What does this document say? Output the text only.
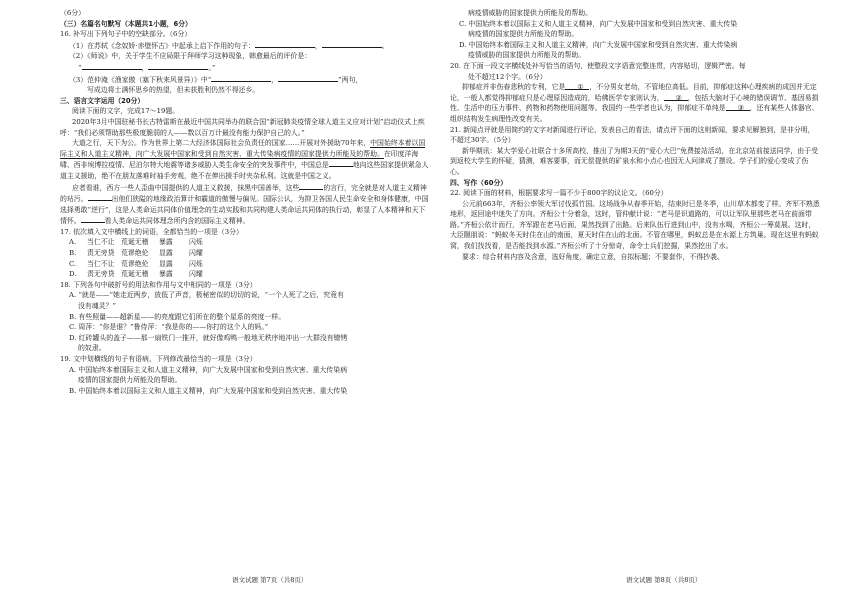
（6分）

（三）名篇名句默写（本题共1小题，6分）

16. 补写出下列句子中的空缺部分。（6分）

（1）在苏轼《念奴娇·赤壁怀古》中起承上启下作用的句子：	，	。

（2）《师说》中，关于学生不应局限于拜师学习这种现象，韩愈最后的评价是：

“	，	。”

（3）范仲淹《渔家傲（塞下秋来风景异）》中“	，	”两句，

写成边将士满怀思乡的热望，但未获胜利仍然不得还乡。

三、语言文字运用（20分）

阅读下面的文字，完成17～19题。

2020年3月中国驻秘书长古特雷斯在最近中国共同举办的联合国“新冠肺炎疫情全球人道主义应对计划”启动仪式上疾呼：“我们必须帮助那些极度脆弱的人——数以百万计最没有能力保护自己的人。”

大道之行，天下为公。作为世界上第二大经济体国际社会负责任的国家……开展对外援助70年来，中国始终本着以国际主义和人道主义精神，向广大发展中国家和受到自然灾害、重大传染病疫情的国家提供力所能及的帮助。在印度洋海啸、西非埃博拉疫情、尼泊尔特大地震等诸多威胁人类生命安全的突发事件中，中国总是	地向这些国家提供紧急人道主义援助，绝不在朋友落难时袖手旁观，绝不在伸出援手时夹杂私利。这就是中国之义。

应者看谁，西方一些人歪曲中国提供的人道主义救援，抹黑中国善举，这些	的言行，完全就是对人道主义精神的玷污。	出他们狭隘的地缘政治算计和霸道的傲慢与偏见。国际公认，为抑卫各国人民生命安全和身体健康，中国选择勇敢“逆行”，这是人类命运共同体价值理念的生动实践和共同构建人类命运共同体的执行动，彰显了人本精神和天下情怀。	看人类命运共同体理念所内含的国际主义精神。

17. 依次填入文中横线上的词语，全都恰当的一项是（3分）

A.	当仁不让 荒诞无稽	暴露	闪烁
B.	责无旁贷 荒谬绝伦	显露	闪耀
C.	当仁不让 荒谬绝伦	显露	闪烁
D.	责无旁贷 荒诞无稽	暴露	闪耀

18. 下列各句中破折号的用法和作用与文中相同的一项是（3分）

A. “就是——”她走近两步，放低了声音，极秘密似的切切的说，“一个人死了之后，究竟有

没有魂灵？”

B. 有些照量——超新星——的亮度跟它们所在的整个星系的亮度一样。

C. 周萍：“你是谁？”鲁侍萍：“我是你的——你打的这个人的妈。”

D. 红砖罐头的盖子——那一扇铁门一推开，就好像鸡鸭一般地无秩序地冲出一大群没有镣铐

的奴隶。

19. 文中划横线的句子有语病，下列修改最恰当的一项是（3分）

A. 中国始终本着国际主义和人道主义精神，向广大发展中国家和受到自然灾害、重大传染病

疫情的国家提供力所能及的帮助。

B. 中国始终本着以国际主义和人道主义精神，向广大发展中国家和受到自然灾害、重大传染

病疫情威胁的国家提供力所能及的帮助。

C. 中国始终本着以国际主义和人道主义精神，向广大发展中国家和受到自然灾害、重大传染

病疫情的国家提供力所能及的帮助。

D. 中国始终本着国际主义和人道主义精神，向广大发展中国家和受到自然灾害、重大传染病

疫情威胁的国家提供力所能及的帮助。

20. 在下面一段文字横线处补写恰当的语句，使整段文字语意完整连贯，内容贴切，逻辑严密。每

处不超过12个字。（6分）

抑郁症并非伤春悲秋的专利，它是 ① ，不分男女老幼，不管地位高低。目前，抑郁症这种心理疾病的成因并无定论，一般人都觉得抑郁症只是心理原因造成的，哈佛医学专家则认为， ② ，包括大脑对于心境的错误调节、基因易损性、生活中的压力事件、药物和药物使用问题等。我国约一些学者也认为，抑郁症不单纯是 ③ ，还有某些人体器官、组织结构发生病理性改变有关。

21. 新闻点评就是用简约的文字对新闻进行评论，发表自己的看法，请点评下面的这则新闻，要求见解独到，是非分明，不超过30字。（5分）

新华期讯：某大学爱心社联合十多所高校，推出了为期3天的“爱心大巴”免费接站活动，在北京站前接送同学，由于受到返校大学生的怀疑，猜测，难客要事，而无偿提供的矿泉水和小点心也因无人问津成了摆设。学子们的爱心变成了伤心。

四、写作（60分）

22. 阅读下面的材料，根据要求写一篇不少于800字的议论文。（60分）

公元前663年，齐桓公率领大军讨伐孤竹国。这场战争从春季开始，结束时已是冬季，山川草木都变了样。齐军不熟悉地形，返回途中迷失了方向。齐桓公十分着急，这时，管仲献计说：“老马是识道路的，可以让军队里那些老马在前面带路。”齐桓公依计而行，齐军跟在老马后面，果然找到了出路。后来队伍行进到山中，没有水喝，齐桓公一筹莫展。这时，大臣隰朋说：“蚂蚁冬天时住在山的南面，夏天时住在山的北面。不管在哪里，蚂蚁总是在水源上方筑巢。现在这里有蚂蚁窝，我们找找看，是否能找到水源。”齐桓公听了十分惊奇，命令士兵们挖掘，果然挖出了水。

要求：综合材料内容及含意，选好角度，确定立意，自拟标题；不要套作，不得抄袭。

语文试题 第7页（共8页）	语文试题 第8页（共8页）
